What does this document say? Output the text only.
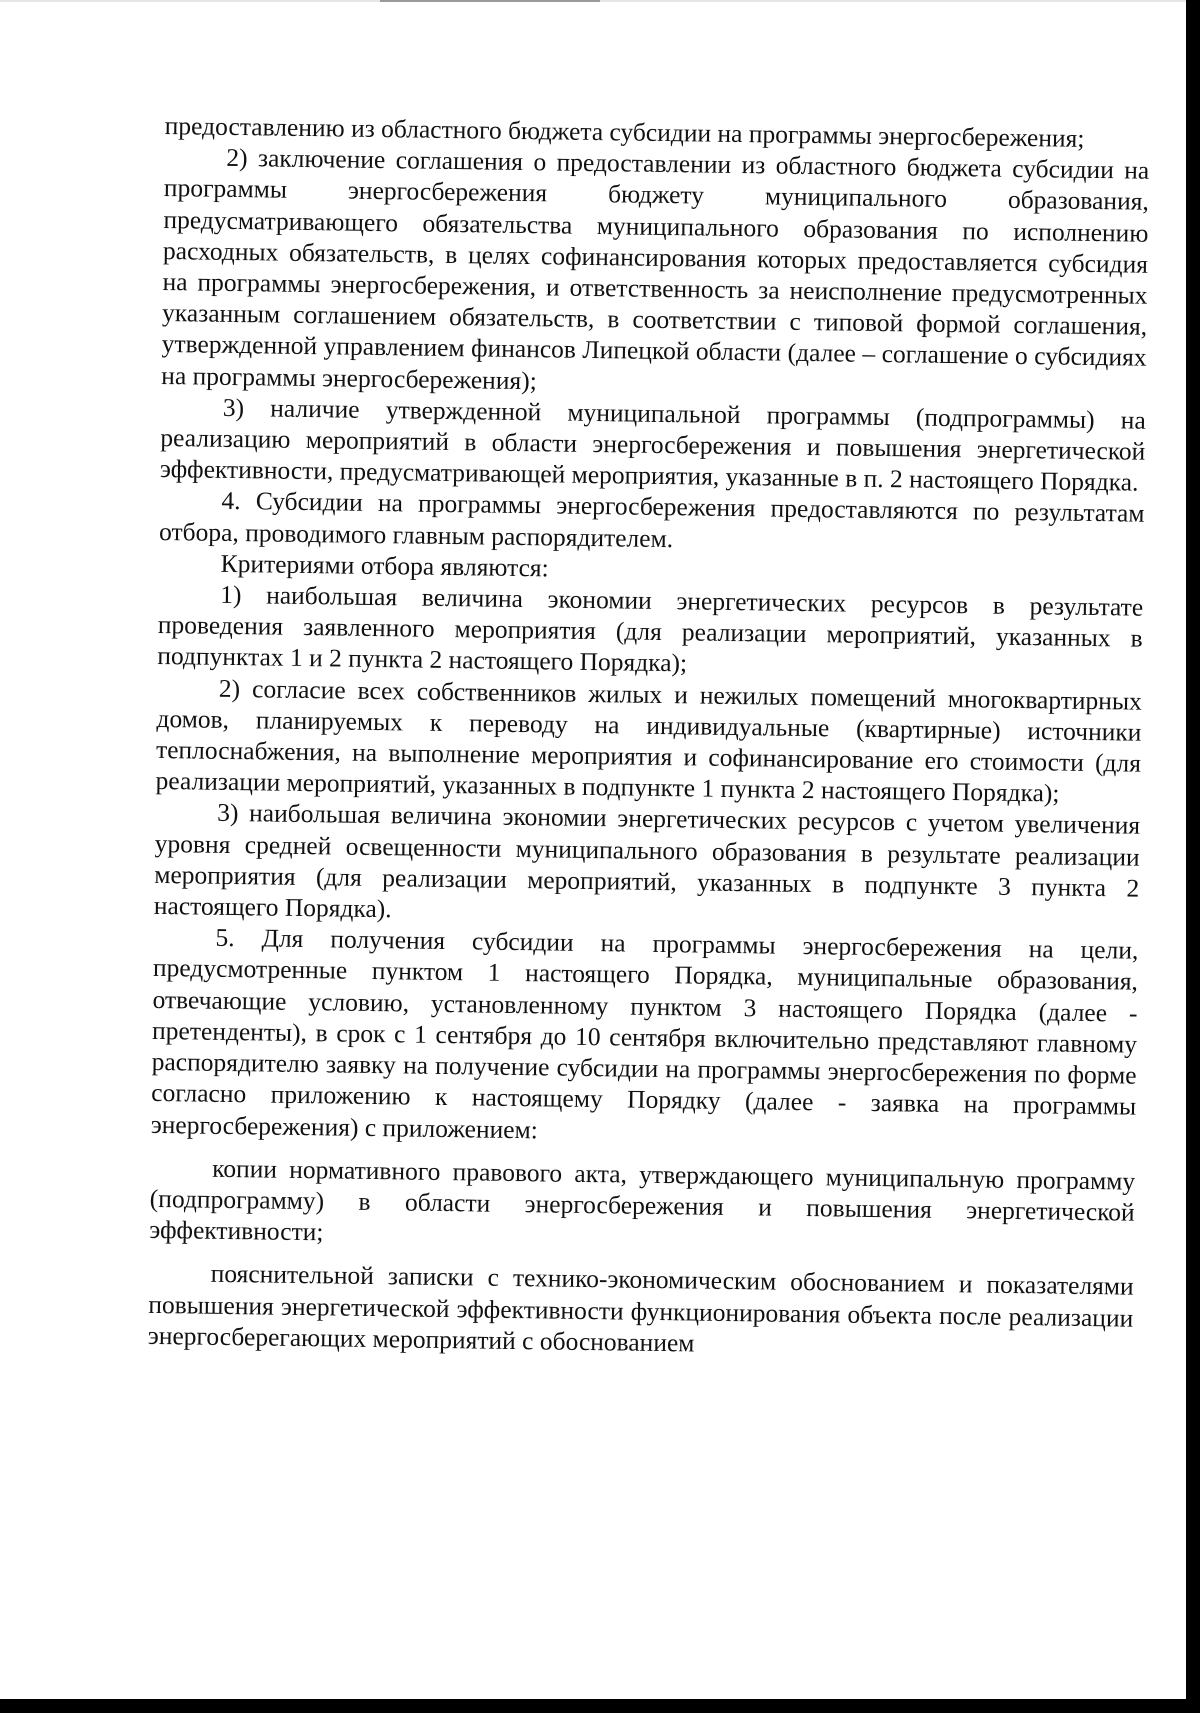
предоставлению из областного бюджета субсидии на программы энергосбережения;

2) заключение соглашения о предоставлении из областного бюджета субсидии на программы энергосбережения бюджету муниципального образования, предусматривающего обязательства муниципального образования по исполнению расходных обязательств, в целях софинансирования которых предоставляется субсидия на программы энергосбережения, и ответственность за неисполнение предусмотренных указанным соглашением обязательств, в соответствии с типовой формой соглашения, утвержденной управлением финансов Липецкой области (далее – соглашение о субсидиях на программы энергосбережения);

3) наличие утвержденной муниципальной программы (подпрограммы) на реализацию мероприятий в области энергосбережения и повышения энергетической эффективности, предусматривающей мероприятия, указанные в п. 2 настоящего Порядка.

4. Субсидии на программы энергосбережения предоставляются по результатам отбора, проводимого главным распорядителем.

Критериями отбора являются:

1) наибольшая величина экономии энергетических ресурсов в результате проведения заявленного мероприятия (для реализации мероприятий, указанных в подпунктах 1 и 2 пункта 2 настоящего Порядка);

2) согласие всех собственников жилых и нежилых помещений многоквартирных домов, планируемых к переводу на индивидуальные (квартирные) источники теплоснабжения, на выполнение мероприятия и софинансирование его стоимости (для реализации мероприятий, указанных в подпункте 1 пункта 2 настоящего Порядка);

3) наибольшая величина экономии энергетических ресурсов с учетом увеличения уровня средней освещенности муниципального образования в результате реализации мероприятия (для реализации мероприятий, указанных в подпункте 3 пункта 2 настоящего Порядка).

5. Для получения субсидии на программы энергосбережения на цели, предусмотренные пунктом 1 настоящего Порядка, муниципальные образования, отвечающие условию, установленному пунктом 3 настоящего Порядка (далее - претенденты), в срок с 1 сентября до 10 сентября включительно представляют главному распорядителю заявку на получение субсидии на программы энергосбережения по форме согласно приложению к настоящему Порядку (далее - заявка на программы энергосбережения) с приложением:

копии нормативного правового акта, утверждающего муниципальную программу (подпрограмму) в области энергосбережения и повышения энергетической эффективности;

пояснительной записки с технико-экономическим обоснованием и показателями повышения энергетической эффективности функционирования объекта после реализации энергосберегающих мероприятий с обоснованием
